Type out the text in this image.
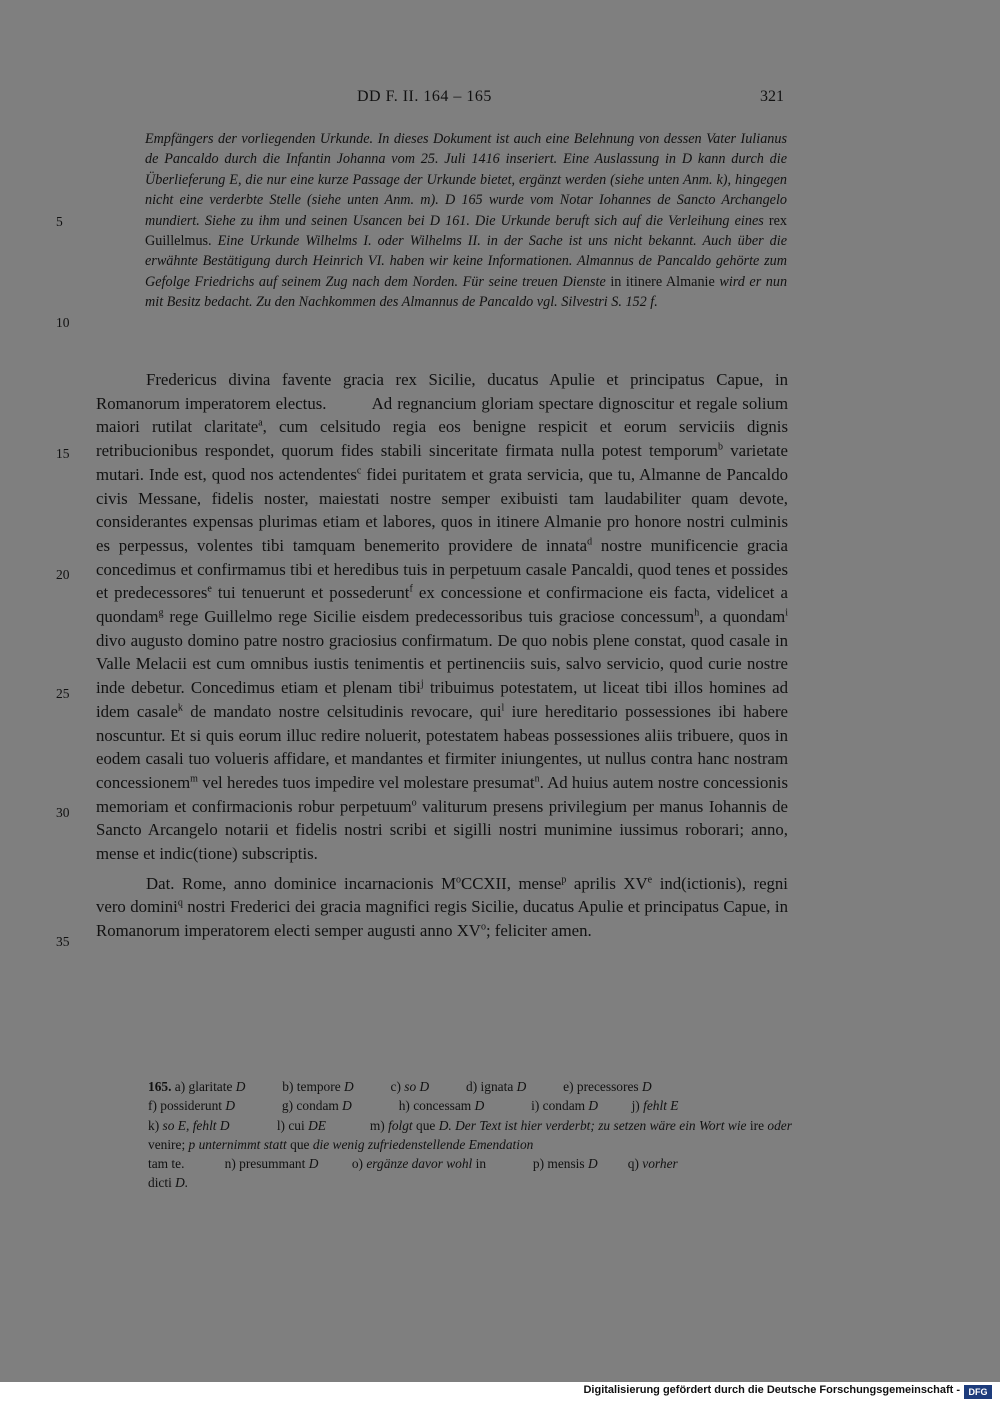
DD F. II. 164 – 165	321
5
10
15
20
25
30
35
Empfängers der vorliegenden Urkunde. In dieses Dokument ist auch eine Belehnung von dessen Vater Iulianus de Pancaldo durch die Infantin Johanna vom 25. Juli 1416 inseriert. Eine Auslassung in D kann durch die Überlieferung E, die nur eine kurze Passage der Urkunde bietet, ergänzt werden (siehe unten Anm. k), hingegen nicht eine verderbte Stelle (siehe unten Anm. m). D 165 wurde vom Notar Iohannes de Sancto Archangelo mundiert. Siehe zu ihm und seinen Usancen bei D 161. Die Urkunde beruft sich auf die Verleihung eines rex Guillelmus. Eine Urkunde Wilhelms I. oder Wilhelms II. in der Sache ist uns nicht bekannt. Auch über die erwähnte Bestätigung durch Heinrich VI. haben wir keine Informationen. Almannus de Pancaldo gehörte zum Gefolge Friedrichs auf seinem Zug nach dem Norden. Für seine treuen Dienste in itinere Almanie wird er nun mit Besitz bedacht. Zu den Nachkommen des Almannus de Pancaldo vgl. Silvestri S. 152 f.

Fredericus divina favente gracia rex Sicilie, ducatus Apulie et principatus Capue, in Romanorum imperatorem electus.	Ad regnancium gloriam spectare dignoscitur et regale solium maiori rutilat claritate$^a$, cum celsitudo regia eos benigne respicit et eorum serviciis dignis retribucionibus respondet, quorum fides stabili sinceritate firmata nulla potest temporum$^b$ varietate mutari. Inde est, quod nos actendentes$^c$ fidei puritatem et grata servicia, que tu, Almanne de Pancaldo civis Messane, fidelis noster, maiestati nostre semper exibuisti tam laudabiliter quam devote, considerantes expensas plurimas etiam et labores, quos in itinere Almanie pro honore nostri culminis es perpessus, volentes tibi tamquam benemerito providere de innata$^d$ nostre munificencie gracia concedimus et confirmamus tibi et heredibus tuis in perpetuum casale Pancaldi, quod tenes et possides et predecessores$^e$ tui tenuerunt et possederunt$^f$ ex concessione et confirmacione eis facta, videlicet a quondam$^g$ rege Guillelmo rege Sicilie eisdem predecessoribus tuis graciose concessum$^h$, a quondam$^i$ divo augusto domino patre nostro graciosius confirmatum. De quo nobis plene constat, quod casale in Valle Melacii est cum omnibus iustis tenimentis et pertinenciis suis, salvo servicio, quod curie nostre inde debetur. Concedimus etiam et plenam tibi$^j$ tribuimus potestatem, ut liceat tibi illos homines ad idem casale$^k$ de mandato nostre celsitudinis revocare, qui$^l$ iure hereditario possessiones ibi habere noscuntur. Et si quis eorum illuc redire noluerit, potestatem habeas possessiones aliis tribuere, quos in eodem casali tuo volueris affidare, et mandantes et firmiter iniungentes, ut nullus contra hanc nostram concessionem$^m$ vel heredes tuos impedire vel molestare presumat$^n$. Ad huius autem nostre concessionis memoriam et confirmacionis robur perpetuum$^o$ valiturum presens privilegium per manus Iohannis de Sancto Arcangelo notarii et fidelis nostri scribi et sigilli nostri munimine iussimus roborari; anno, mense et indic(tione) subscriptis.

Dat. Rome, anno dominice incarnacionis $M^oCCXII$, mense$^p$ aprilis XVe ind(ictionis), regni vero domini$^q$ nostri Frederici dei gracia magnifici regis Sicilie, ducatus Apulie et principatus Capue, in Romanorum imperatorem electi semper augusti anno $XV^o$; feliciter amen.

165. a) glaritate D	b) tempore D	c) so D	d) ignata D	e) precessores D
f) possiderunt D	g) condam D	h) concessam D	i) condam D j) fehlt E
k) so E, fehlt D	l) cui DE	m) folgt que D. Der Text ist hier verderbt; zu setzen wäre ein Wort wie ire oder venire; p unternimmt statt que die wenig zufriedenstellende Emendation
tam te.	n) presummant D o) ergänze davor wohl in	p) mensis D q) vorher
dicti D.
Digitalisierung gefördert durch die Deutsche Forschungsgemeinschaft - DFG
